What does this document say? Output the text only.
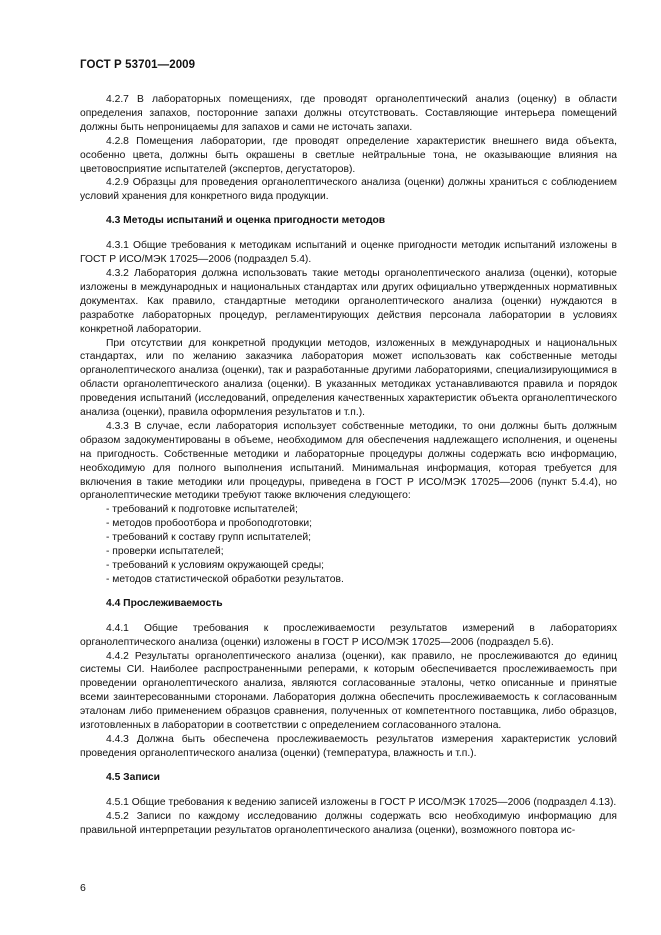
ГОСТ Р 53701—2009

4.2.7 В лабораторных помещениях, где проводят органолептический анализ (оценку) в области определения запахов, посторонние запахи должны отсутствовать. Составляющие интерьера помещений должны быть непроницаемы для запахов и сами не источать запахи.

4.2.8 Помещения лаборатории, где проводят определение характеристик внешнего вида объекта, особенно цвета, должны быть окрашены в светлые нейтральные тона, не оказывающие влияния на цветовосприятие испытателей (экспертов, дегустаторов).

4.2.9 Образцы для проведения органолептического анализа (оценки) должны храниться с соблюдением условий хранения для конкретного вида продукции.

4.3 Методы испытаний и оценка пригодности методов

4.3.1 Общие требования к методикам испытаний и оценке пригодности методик испытаний изложены в ГОСТ Р ИСО/МЭК 17025—2006 (подраздел 5.4).

4.3.2 Лаборатория должна использовать такие методы органолептического анализа (оценки), которые изложены в международных и национальных стандартах или других официально утвержденных нормативных документах. Как правило, стандартные методики органолептического анализа (оценки) нуждаются в разработке лабораторных процедур, регламентирующих действия персонала лаборатории в условиях конкретной лаборатории.

При отсутствии для конкретной продукции методов, изложенных в международных и национальных стандартах, или по желанию заказчика лаборатория может использовать как собственные методы органолептического анализа (оценки), так и разработанные другими лабораториями, специализирующимися в области органолептического анализа (оценки). В указанных методиках устанавливаются правила и порядок проведения испытаний (исследований, определения качественных характеристик объекта органолептического анализа (оценки), правила оформления результатов и т.п.).

4.3.3 В случае, если лаборатория использует собственные методики, то они должны быть должным образом задокументированы в объеме, необходимом для обеспечения надлежащего исполнения, и оценены на пригодность. Собственные методики и лабораторные процедуры должны содержать всю информацию, необходимую для полного выполнения испытаний. Минимальная информация, которая требуется для включения в такие методики или процедуры, приведена в ГОСТ Р ИСО/МЭК 17025—2006 (пункт 5.4.4), но органолептические методики требуют также включения следующего:

- требований к подготовке испытателей;
- методов пробоотбора и пробоподготовки;
- требований к составу групп испытателей;
- проверки испытателей;
- требований к условиям окружающей среды;
- методов статистической обработки результатов.
4.4 Прослеживаемость

4.4.1 Общие требования к прослеживаемости результатов измерений в лабораториях органолептического анализа (оценки) изложены в ГОСТ Р ИСО/МЭК 17025—2006 (подраздел 5.6).

4.4.2 Результаты органолептического анализа (оценки), как правило, не прослеживаются до единиц системы СИ. Наиболее распространенными реперами, к которым обеспечивается прослеживаемость при проведении органолептического анализа, являются согласованные эталоны, четко описанные и принятые всеми заинтересованными сторонами. Лаборатория должна обеспечить прослеживаемость к согласованным эталонам либо применением образцов сравнения, полученных от компетентного поставщика, либо образцов, изготовленных в лаборатории в соответствии с определением согласованного эталона.

4.4.3 Должна быть обеспечена прослеживаемость результатов измерения характеристик условий проведения органолептического анализа (оценки) (температура, влажность и т.п.).

4.5 Записи

4.5.1 Общие требования к ведению записей изложены в ГОСТ Р ИСО/МЭК 17025—2006 (подраздел 4.13).

4.5.2 Записи по каждому исследованию должны содержать всю необходимую информацию для правильной интерпретации результатов органолептического анализа (оценки), возможного повтора ис-

6
